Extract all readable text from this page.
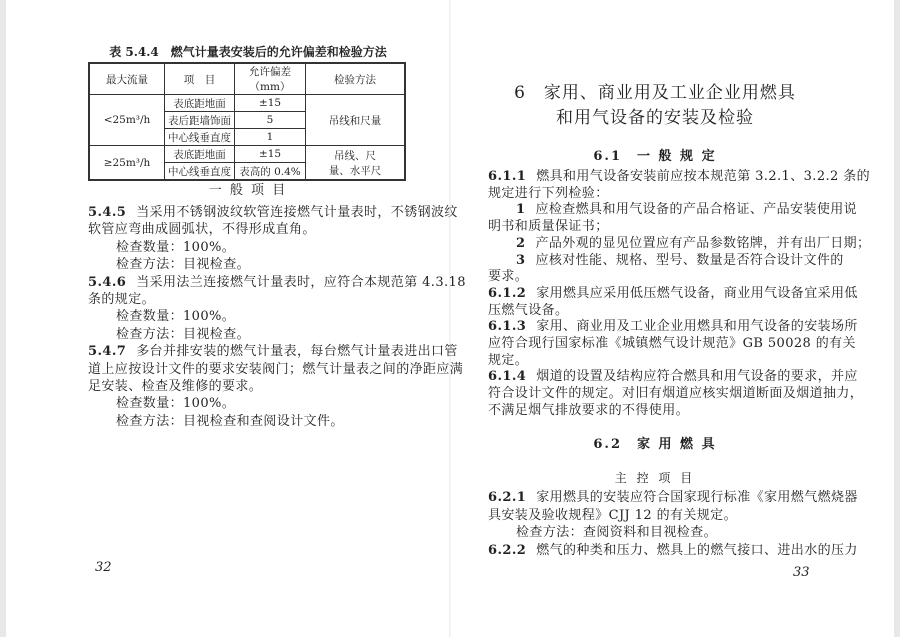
表 5.4.4　燃气计量表安装后的允许偏差和检验方法
最大流量	项　目	允许偏差（mm）	检验方法
<25m³/h	表底距地面	±15	吊线和尺量
	表后距墙饰面	5	
	中心线垂直度	1	
≥25m³/h	表底距地面	±15	吊线、尺量、水平尺
	中心线垂直度	表高的 0.4%	
一 般 项 目
5.4.5 当采用不锈钢波纹软管连接燃气计量表时，不锈钢波纹
软管应弯曲成圆弧状，不得形成直角。
检查数量：100%。
检查方法：目视检查。
5.4.6 当采用法兰连接燃气计量表时，应符合本规范第 4.3.18
条的规定。
检查数量：100%。
检查方法：目视检查。
5.4.7 多台并排安装的燃气计量表，每台燃气计量表进出口管
道上应按设计文件的要求安装阀门；燃气计量表之间的净距应满
足安装、检查及维修的要求。
检查数量：100%。
检查方法：目视检查和查阅设计文件。
32
6　家用、商业用及工业企业用燃具
和用气设备的安装及检验
6.1　一 般 规 定
6.1.1 燃具和用气设备安装前应按本规范第 3.2.1、3.2.2 条的
规定进行下列检验：
1 应检查燃具和用气设备的产品合格证、产品安装使用说
明书和质量保证书；
2 产品外观的显见位置应有产品参数铭牌，并有出厂日期；
3 应核对性能、规格、型号、数量是否符合设计文件的
要求。
6.1.2 家用燃具应采用低压燃气设备，商业用气设备宜采用低
压燃气设备。
6.1.3 家用、商业用及工业企业用燃具和用气设备的安装场所
应符合现行国家标准《城镇燃气设计规范》GB 50028 的有关
规定。
6.1.4 烟道的设置及结构应符合燃具和用气设备的要求，并应
符合设计文件的规定。对旧有烟道应核实烟道断面及烟道抽力，
不满足烟气排放要求的不得使用。
6.2　家 用 燃 具
主 控 项 目
6.2.1 家用燃具的安装应符合国家现行标准《家用燃气燃烧器
具安装及验收规程》CJJ 12 的有关规定。
检查方法：查阅资料和目视检查。
6.2.2 燃气的种类和压力、燃具上的燃气接口、进出水的压力
33
